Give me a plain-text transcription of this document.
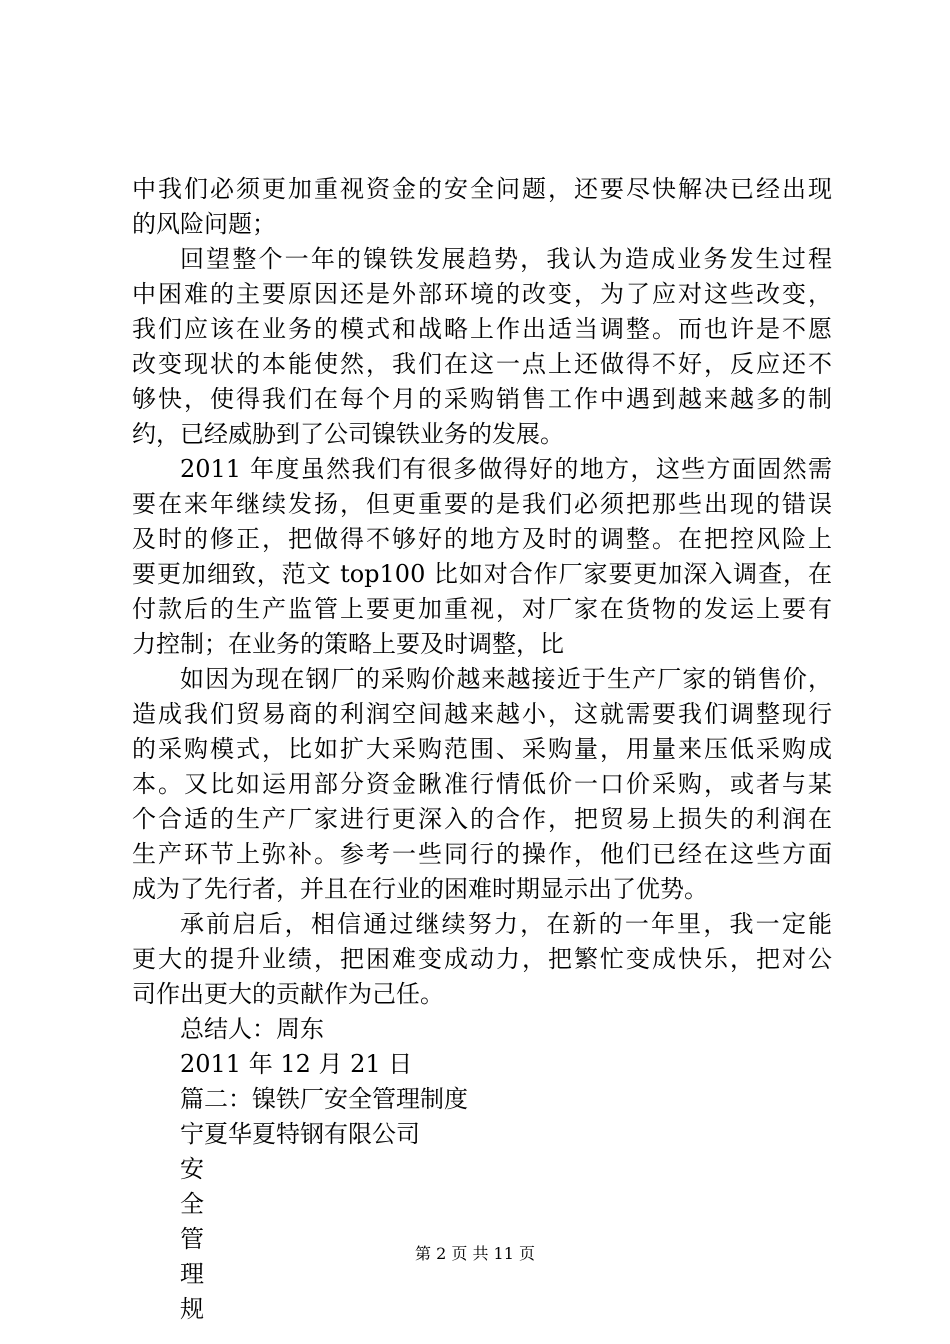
中我们必须更加重视资金的安全问题，还要尽快解决已经出现
的风险问题；
回望整个一年的镍铁发展趋势，我认为造成业务发生过程
中困难的主要原因还是外部环境的改变，为了应对这些改变，
我们应该在业务的模式和战略上作出适当调整。而也许是不愿
改变现状的本能使然，我们在这一点上还做得不好，反应还不
够快，使得我们在每个月的采购销售工作中遇到越来越多的制
约，已经威胁到了公司镍铁业务的发展。
2011 年度虽然我们有很多做得好的地方，这些方面固然需
要在来年继续发扬，但更重要的是我们必须把那些出现的错误
及时的修正，把做得不够好的地方及时的调整。在把控风险上
要更加细致，范文 top100 比如对合作厂家要更加深入调查，在
付款后的生产监管上要更加重视，对厂家在货物的发运上要有
力控制；在业务的策略上要及时调整，比
如因为现在钢厂的采购价越来越接近于生产厂家的销售价，
造成我们贸易商的利润空间越来越小，这就需要我们调整现行
的采购模式，比如扩大采购范围、采购量，用量来压低采购成
本。又比如运用部分资金瞅准行情低价一口价采购，或者与某
个合适的生产厂家进行更深入的合作，把贸易上损失的利润在
生产环节上弥补。参考一些同行的操作，他们已经在这些方面
成为了先行者，并且在行业的困难时期显示出了优势。
承前启后，相信通过继续努力，在新的一年里，我一定能
更大的提升业绩，把困难变成动力，把繁忙变成快乐，把对公
司作出更大的贡献作为己任。
总结人：周东
2011 年 12 月 21 日
篇二：镍铁厂安全管理制度
宁夏华夏特钢有限公司
安
全
管
理
规
第 2 页 共 11 页
